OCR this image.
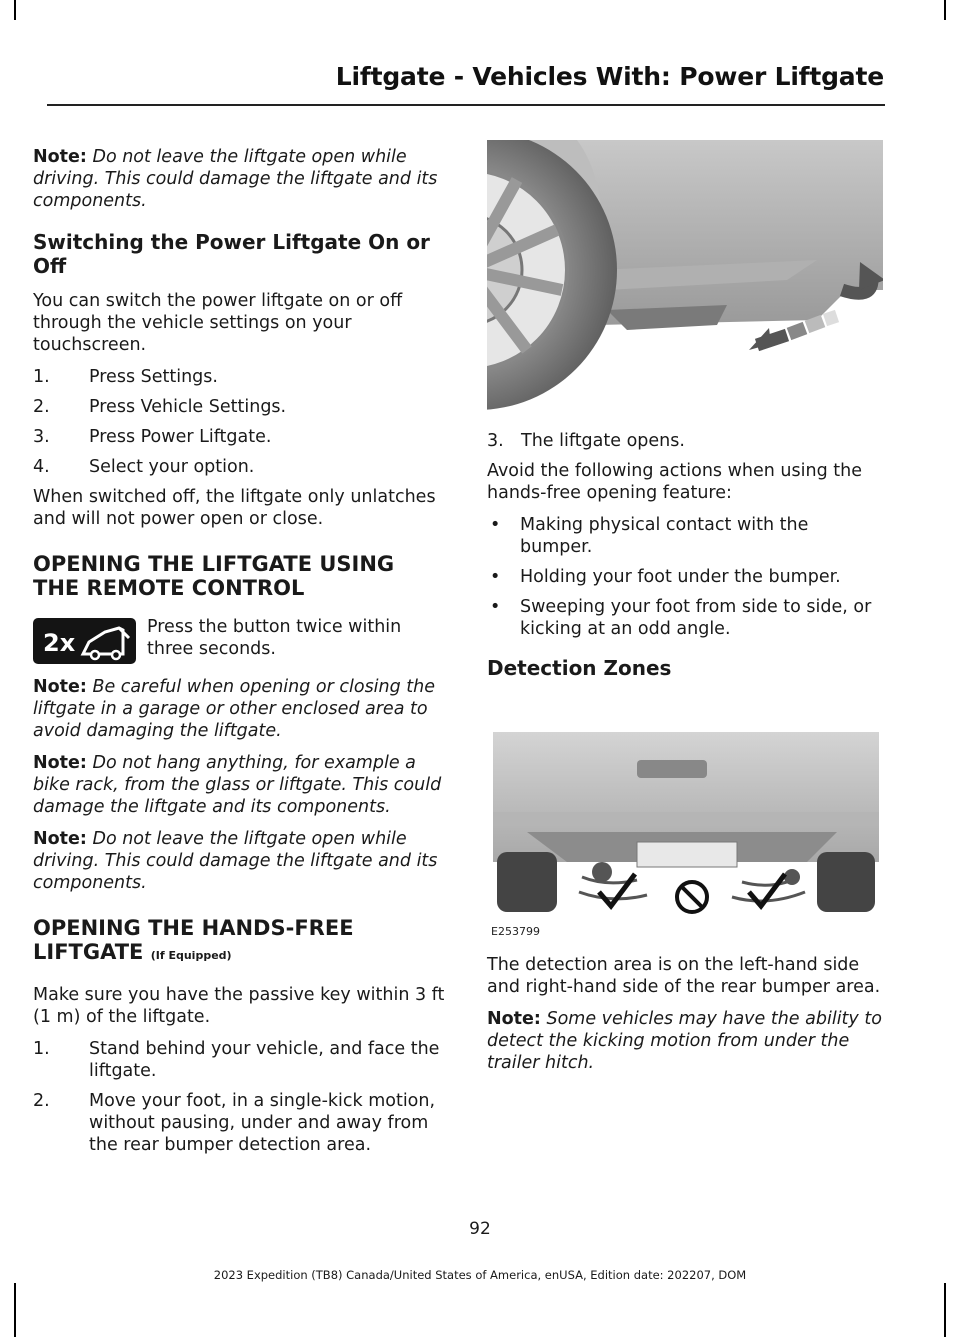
Liftgate - Vehicles With: Power Liftgate

Note: Do not leave the liftgate open while driving. This could damage the liftgate and its components.

Switching the Power Liftgate On or Off

You can switch the power liftgate on or off through the vehicle settings on your touchscreen.

1. Press Settings.
2. Press Vehicle Settings.
3. Press Power Liftgate.
4. Select your option.

When switched off, the liftgate only unlatches and will not power open or close.

OPENING THE LIFTGATE USING THE REMOTE CONTROL
2x
Press the button twice within three seconds.

Note: Be careful when opening or closing the liftgate in a garage or other enclosed area to avoid damaging the liftgate.

Note: Do not hang anything, for example a bike rack, from the glass or liftgate. This could damage the liftgate and its components.

Note: Do not leave the liftgate open while driving. This could damage the liftgate and its components.

OPENING THE HANDS-FREE LIFTGATE (If Equipped)

Make sure you have the passive key within 3 ft (1 m) of the liftgate.

1. Stand behind your vehicle, and face the liftgate.
2. Move your foot, in a single-kick motion, without pausing, under and away from the rear bumper detection area.
3. The liftgate opens.

Avoid the following actions when using the hands-free opening feature:

• Making physical contact with the bumper.
• Holding your foot under the bumper.
• Sweeping your foot from side to side, or kicking at an odd angle.
Detection Zones
E253799

The detection area is on the left-hand side and right-hand side of the rear bumper area.

Note: Some vehicles may have the ability to detect the kicking motion from under the trailer hitch.

92
2023 Expedition (TB8) Canada/United States of America, enUSA, Edition date: 202207, DOM
